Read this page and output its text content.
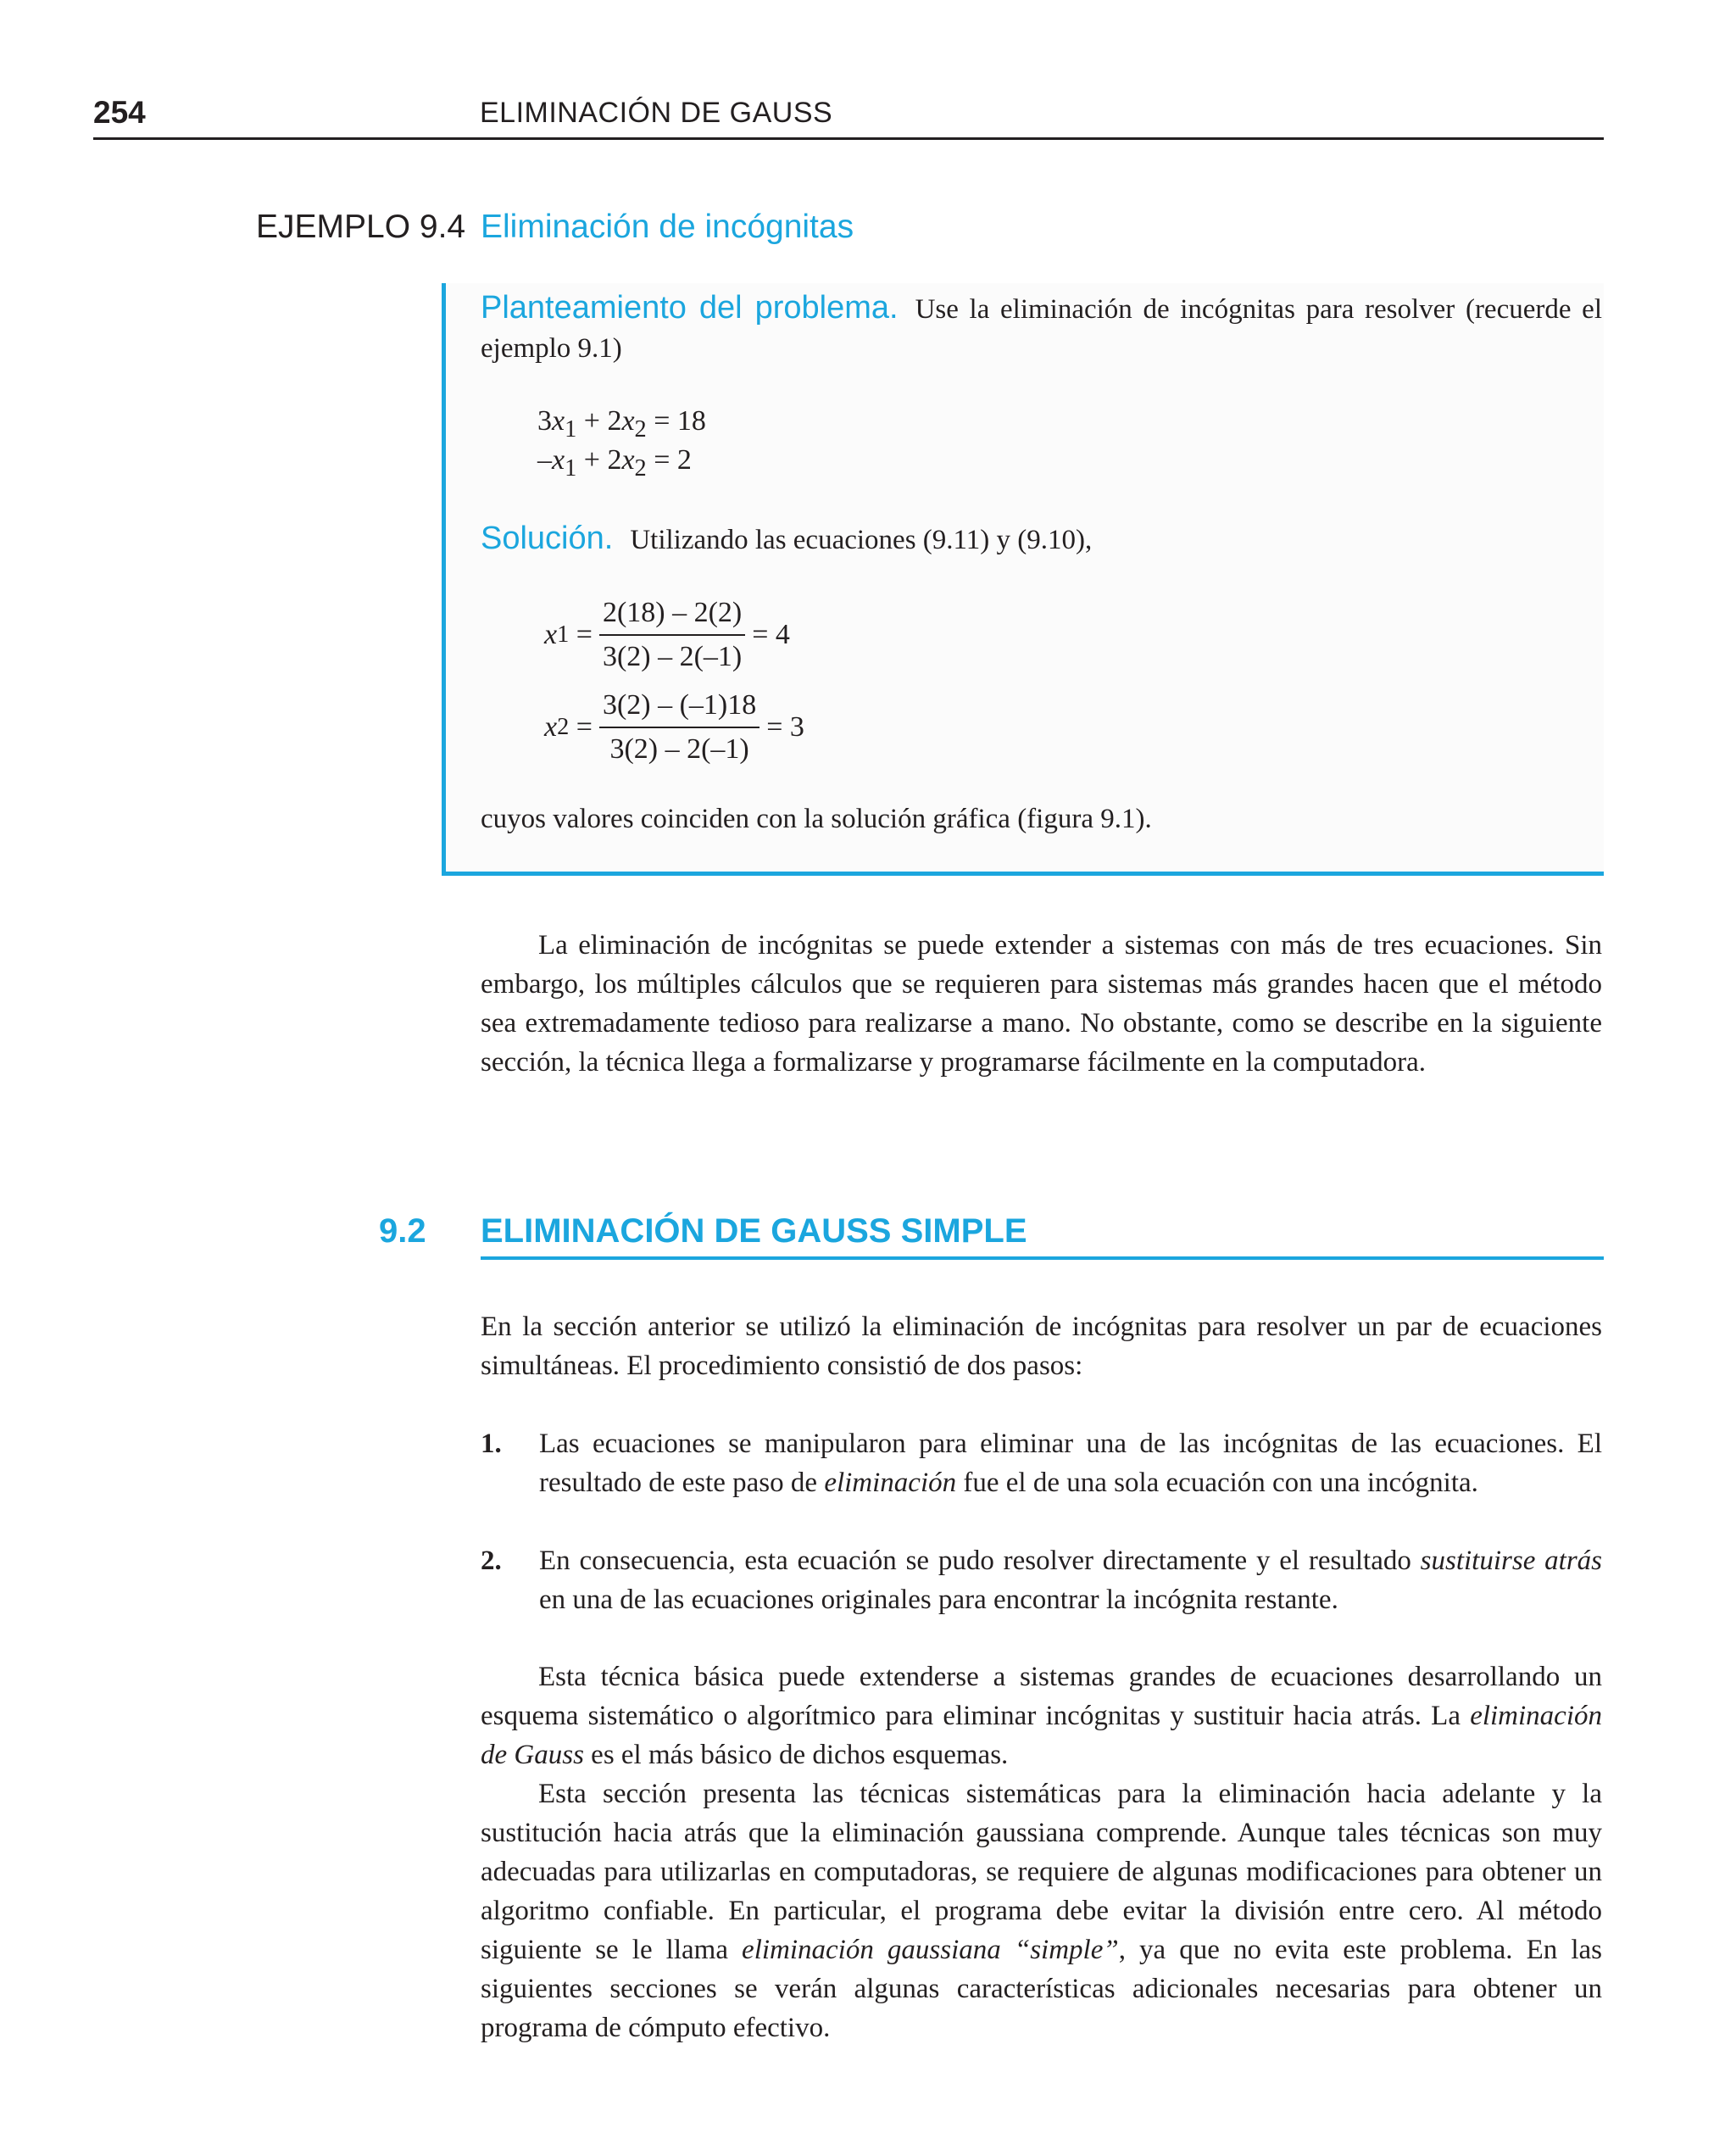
254	ELIMINACIÓN DE GAUSS
EJEMPLO 9.4 Eliminación de incógnitas
Planteamiento del problema. Use la eliminación de incógnitas para resolver (recuerde el ejemplo 9.1)
$3x_1 + 2x_2 = 18$
$-x_1 + 2x_2 = 2$
Solución. Utilizando las ecuaciones (9.11) y (9.10),
x $1 = \frac{2(18) - 2(2)}{3(2) - 2(-1)} = 4$
x $2 = \frac{3(2) - (-1)18}{3(2) - 2(-1)} = 3$
cuyos valores coinciden con la solución gráfica (figura 9.1).
La eliminación de incógnitas se puede extender a sistemas con más de tres ecuaciones. Sin embargo, los múltiples cálculos que se requieren para sistemas más grandes hacen que el método sea extremadamente tedioso para realizarse a mano. No obstante, como se describe en la siguiente sección, la técnica llega a formalizarse y programarse fácilmente en la computadora.
9.2 ELIMINACIÓN DE GAUSS SIMPLE
En la sección anterior se utilizó la eliminación de incógnitas para resolver un par de ecuaciones simultáneas. El procedimiento consistió de dos pasos:
1.	Las ecuaciones se manipularon para eliminar una de las incógnitas de las ecuaciones. El resultado de este paso de eliminación fue el de una sola ecuación con una incógnita.
2.	En consecuencia, esta ecuación se pudo resolver directamente y el resultado sustituirse atrás en una de las ecuaciones originales para encontrar la incógnita restante.
Esta técnica básica puede extenderse a sistemas grandes de ecuaciones desarrollando un esquema sistemático o algorítmico para eliminar incógnitas y sustituir hacia atrás. La eliminación de Gauss es el más básico de dichos esquemas.
Esta sección presenta las técnicas sistemáticas para la eliminación hacia adelante y la sustitución hacia atrás que la eliminación gaussiana comprende. Aunque tales técnicas son muy adecuadas para utilizarlas en computadoras, se requiere de algunas modificaciones para obtener un algoritmo confiable. En particular, el programa debe evitar la división entre cero. Al método siguiente se le llama eliminación gaussiana “simple”, ya que no evita este problema. En las siguientes secciones se verán algunas características adicionales necesarias para obtener un programa de cómputo efectivo.
